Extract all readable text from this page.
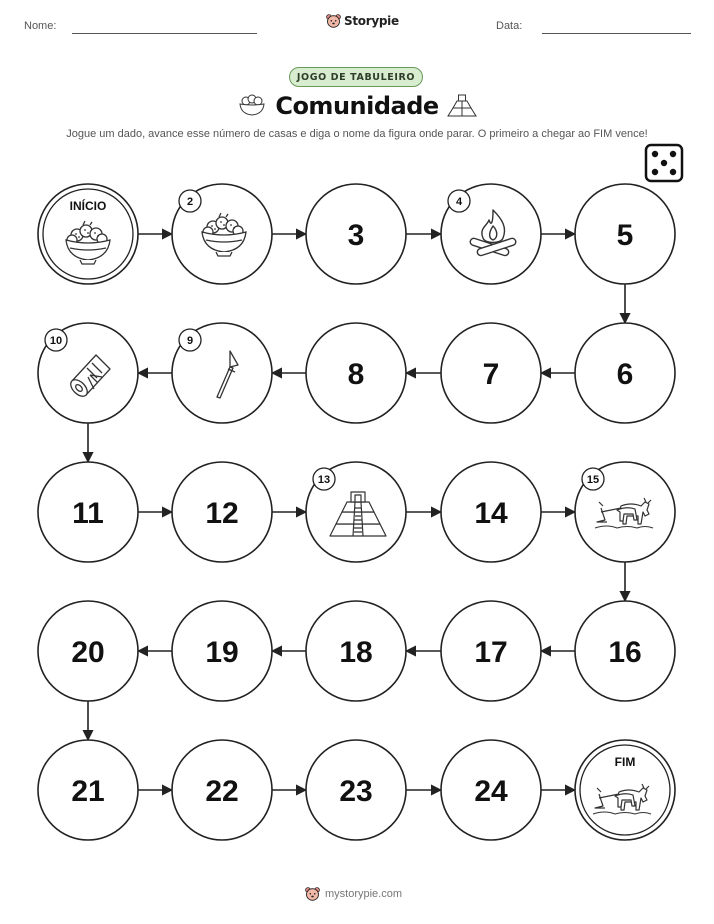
Nome:	Storypie	Data:
JOGO DE TABULEIRO
Comunidade
Jogue um dado, avance esse número de casas e diga o nome da figura onde parar. O primeiro a chegar ao FIM vence!
INÍCIO
3	5
6
7
8
11	12	14
16
17
18
19
20
21	22	23	24
FIM
2	4
9
10
13	15
mystorypie.com
